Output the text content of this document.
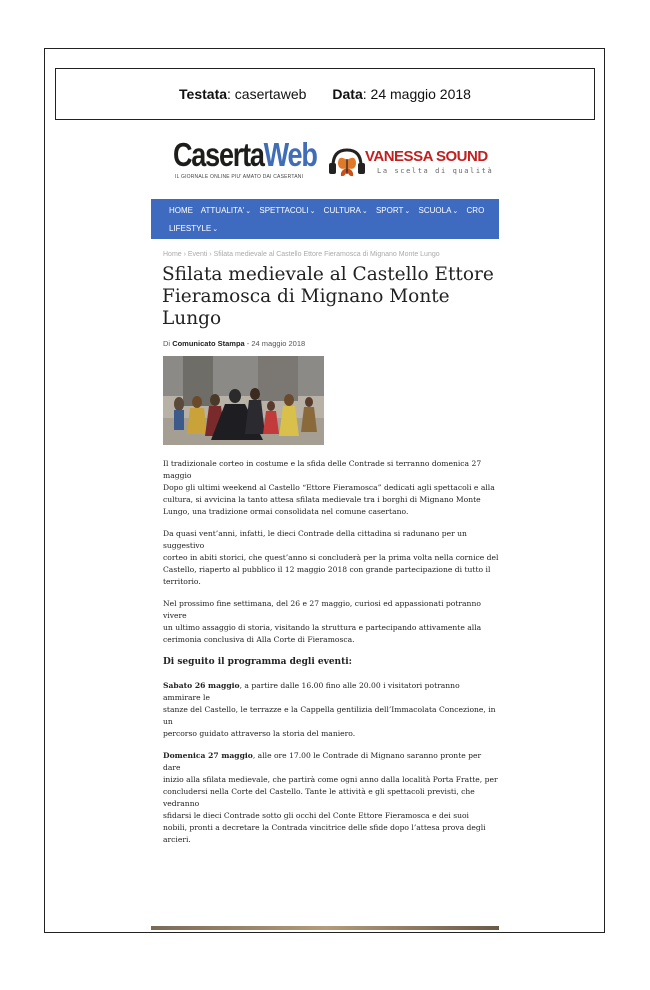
Testata: casertaweb Data: 24 maggio 2018
CasertaWeb
IL GIORNALE ONLINE PIU' AMATO DAI CASERTANI
VANESSA SOUND
La scelta di qualità
HOME ATTUALITA'⌄ SPETTACOLI⌄ CULTURA⌄ SPORT⌄ SCUOLA⌄ CRO
LIFESTYLE⌄
Home › Eventi › Sfilata medievale al Castello Ettore Fieramosca di Mignano Monte Lungo
Sfilata medievale al Castello Ettore Fieramosca di Mignano Monte Lungo
Di Comunicato Stampa - 24 maggio 2018

Il tradizionale corteo in costume e la sfida delle Contrade si terranno domenica 27 maggio
Dopo gli ultimi weekend al Castello “Ettore Fieramosca” dedicati agli spettacoli e alla
cultura, si avvicina la tanto attesa sfilata medievale tra i borghi di Mignano Monte
Lungo, una tradizione ormai consolidata nel comune casertano.

Da quasi vent’anni, infatti, le dieci Contrade della cittadina si radunano per un suggestivo
corteo in abiti storici, che quest’anno si concluderà per la prima volta nella cornice del
Castello, riaperto al pubblico il 12 maggio 2018 con grande partecipazione di tutto il
territorio.

Nel prossimo fine settimana, del 26 e 27 maggio, curiosi ed appassionati potranno vivere
un ultimo assaggio di storia, visitando la struttura e partecipando attivamente alla
cerimonia conclusiva di Alla Corte di Fieramosca.

Di seguito il programma degli eventi:

Sabato 26 maggio, a partire dalle 16.00 fino alle 20.00 i visitatori potranno ammirare le
stanze del Castello, le terrazze e la Cappella gentilizia dell’Immacolata Concezione, in un
percorso guidato attraverso la storia del maniero.

Domenica 27 maggio, alle ore 17.00 le Contrade di Mignano saranno pronte per dare
inizio alla sfilata medievale, che partirà come ogni anno dalla località Porta Fratte, per
concludersi nella Corte del Castello. Tante le attività e gli spettacoli previsti, che vedranno
sfidarsi le dieci Contrade sotto gli occhi del Conte Ettore Fieramosca e dei suoi
nobili, pronti a decretare la Contrada vincitrice delle sfide dopo l’attesa prova degli arcieri.
